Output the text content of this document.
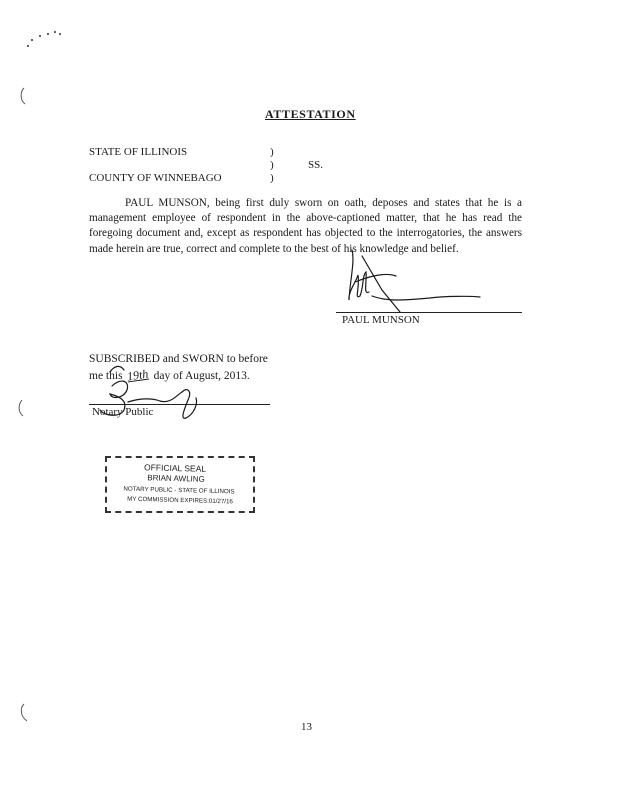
ATTESTATION
STATE OF ILLINOIS	)
)	SS.
COUNTY OF WINNEBAGO	)
PAUL MUNSON, being first duly sworn on oath, deposes and states that he is a management employee of respondent in the above-captioned matter, that he has read the foregoing document and, except as respondent has objected to the interrogatories, the answers made herein are true, correct and complete to the best of his knowledge and belief.
PAUL MUNSON
SUBSCRIBED and SWORN to before
me this 19th day of August, 2013.
Notary Public
OFFICIAL SEAL
BRIAN AWLING
NOTARY PUBLIC - STATE OF ILLINOIS
MY COMMISSION EXPIRES:01/27/16
13
